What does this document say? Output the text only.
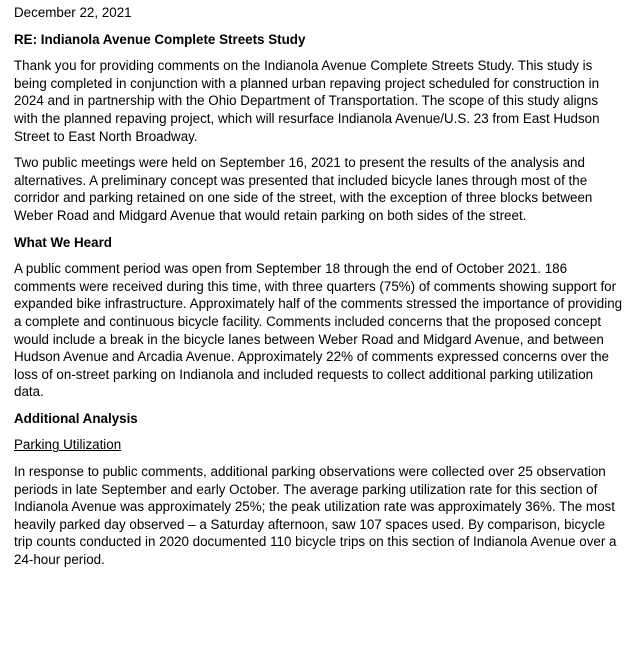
December 22, 2021
RE: Indianola Avenue Complete Streets Study

Thank you for providing comments on the Indianola Avenue Complete Streets Study. This study is being completed in conjunction with a planned urban repaving project scheduled for construction in 2024 and in partnership with the Ohio Department of Transportation. The scope of this study aligns with the planned repaving project, which will resurface Indianola Avenue/U.S. 23 from East Hudson Street to East North Broadway.

Two public meetings were held on September 16, 2021 to present the results of the analysis and alternatives. A preliminary concept was presented that included bicycle lanes through most of the corridor and parking retained on one side of the street, with the exception of three blocks between Weber Road and Midgard Avenue that would retain parking on both sides of the street.

What We Heard

A public comment period was open from September 18 through the end of October 2021. 186 comments were received during this time, with three quarters (75%) of comments showing support for expanded bike infrastructure. Approximately half of the comments stressed the importance of providing a complete and continuous bicycle facility. Comments included concerns that the proposed concept would include a break in the bicycle lanes between Weber Road and Midgard Avenue, and between Hudson Avenue and Arcadia Avenue. Approximately 22% of comments expressed concerns over the loss of on-street parking on Indianola and included requests to collect additional parking utilization data.

Additional Analysis
Parking Utilization

In response to public comments, additional parking observations were collected over 25 observation periods in late September and early October. The average parking utilization rate for this section of Indianola Avenue was approximately 25%; the peak utilization rate was approximately 36%. The most heavily parked day observed – a Saturday afternoon, saw 107 spaces used. By comparison, bicycle trip counts conducted in 2020 documented 110 bicycle trips on this section of Indianola Avenue over a 24-hour period.
